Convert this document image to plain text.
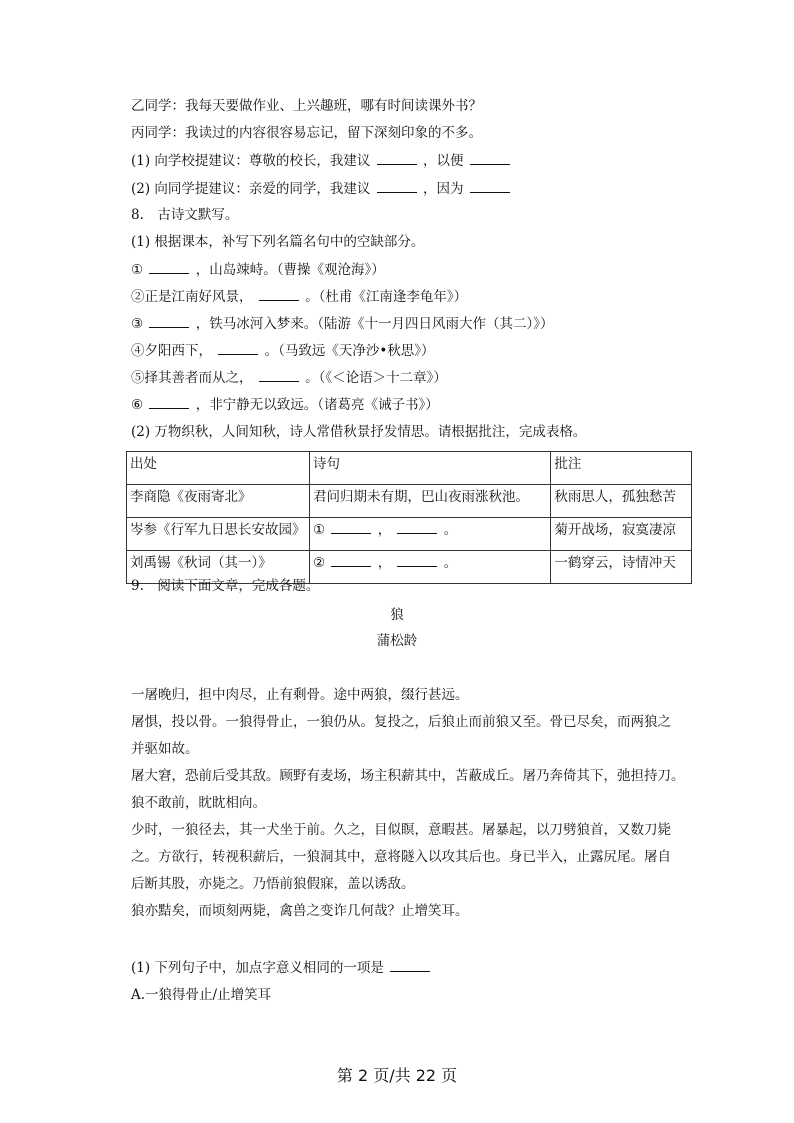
乙同学：我每天要做作业、上兴趣班，哪有时间读课外书？
丙同学：我读过的内容很容易忘记，留下深刻印象的不多。
(1) 向学校提建议：尊敬的校长，我建议	，以便
(2) 向同学提建议：亲爱的同学，我建议	，因为
8.　古诗文默写。
(1) 根据课本，补写下列名篇名句中的空缺部分。
①	，山岛竦峙。（曹操《观沧海》）
②正是江南好风景，	。（杜甫《江南逢李龟年》）
③	，铁马冰河入梦来。（陆游《十一月四日风雨大作（其二）》）
④夕阳西下，	。（马致远《天净沙•秋思》）
⑤择其善者而从之，	。（《＜论语＞十二章》）
⑥	，非宁静无以致远。（诸葛亮《诫子书》）
(2) 万物织秋，人间知秋，诗人常借秋景抒发情思。请根据批注，完成表格。
出处	诗句	批注
李商隐《夜雨寄北》	君问归期未有期，巴山夜雨涨秋池。	秋雨思人，孤独愁苦
岑参《行军九日思长安故园》	① ， 。	菊开战场，寂寞凄凉
刘禹锡《秋词（其一）》	② ， 。	一鹤穿云，诗情冲天
9.　阅读下面文章，完成各题。
狼
蒲松龄
一屠晚归，担中肉尽，止有剩骨。途中两狼，缀行甚远。
屠惧，投以骨。一狼得骨止，一狼仍从。复投之，后狼止而前狼又至。骨已尽矣，而两狼之
并驱如故。
屠大窘，恐前后受其敌。顾野有麦场，场主积薪其中，苫蔽成丘。屠乃奔倚其下，弛担持刀。
狼不敢前，眈眈相向。
少时，一狼径去，其一犬坐于前。久之，目似瞑，意暇甚。屠暴起，以刀劈狼首，又数刀毙
之。方欲行，转视积薪后，一狼洞其中，意将隧入以攻其后也。身已半入，止露尻尾。屠自
后断其股，亦毙之。乃悟前狼假寐，盖以诱敌。
狼亦黠矣，而顷刻两毙，禽兽之变诈几何哉？止增笑耳。
(1) 下列句子中，加点字意义相同的一项是
A.一狼得骨止/止增笑耳
第 2 页/共 22 页
